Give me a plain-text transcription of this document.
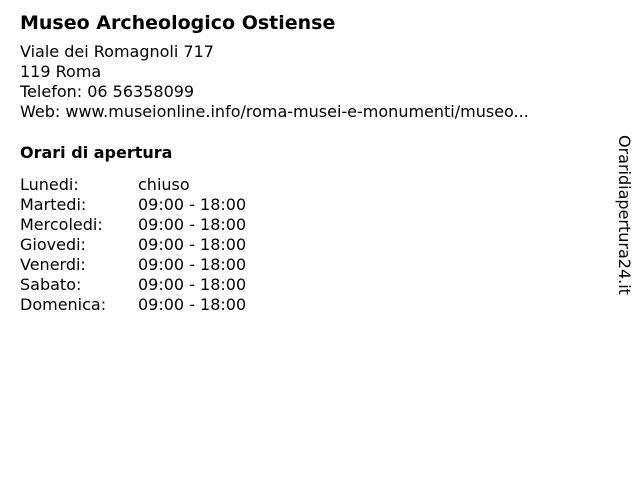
Museo Archeologico Ostiense
Viale dei Romagnoli 717
119 Roma
Telefon: 06 56358099
Web: www.museionline.info/roma-musei-e-monumenti/museo...
Orari di apertura
Lunedi:	chiuso
Martedi:	09:00 - 18:00
Mercoledi:	09:00 - 18:00
Giovedi:	09:00 - 18:00
Venerdi:	09:00 - 18:00
Sabato:	09:00 - 18:00
Domenica:	09:00 - 18:00
Oraridiapertura24.it
